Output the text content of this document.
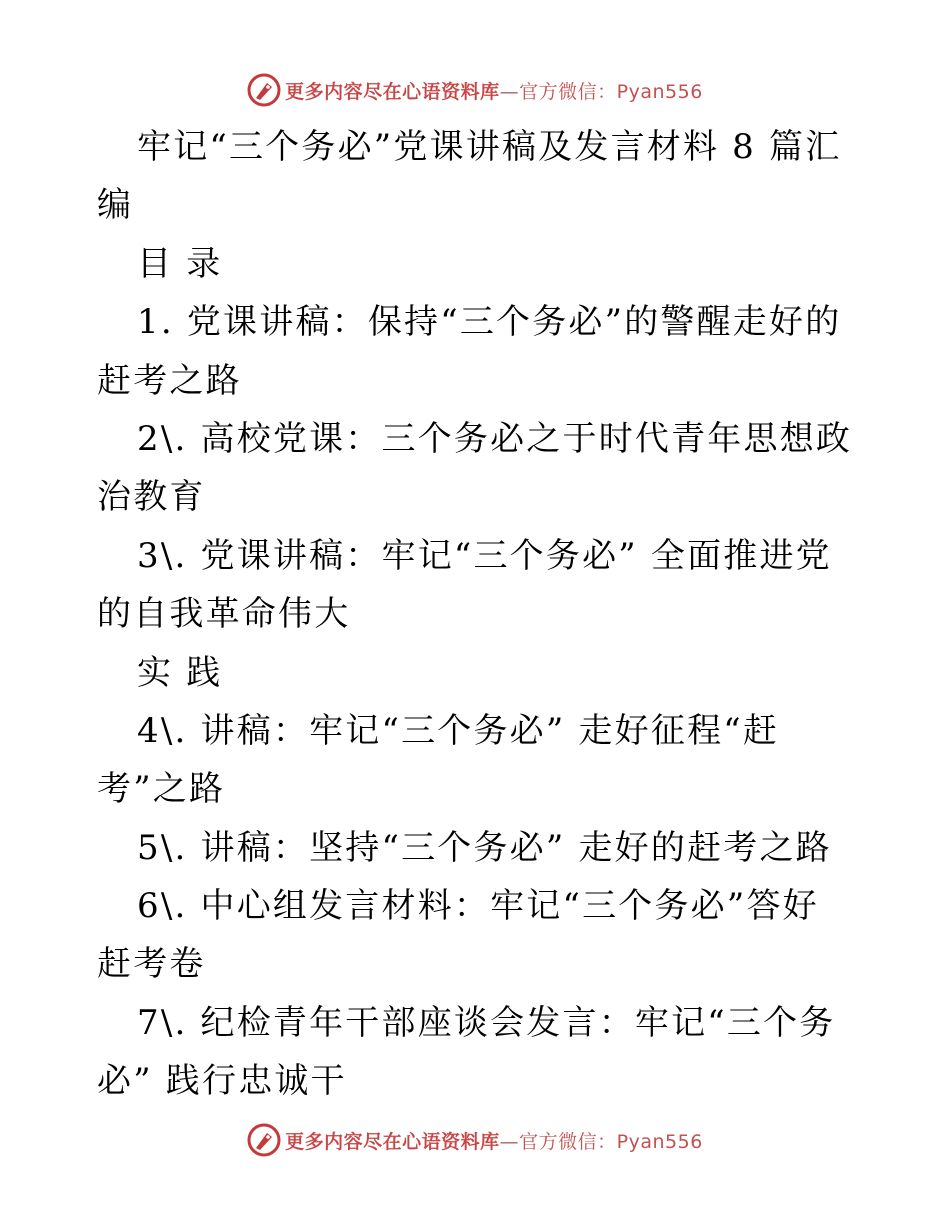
更多内容尽在心语资料库—官方微信：Pyan556
牢记“三个务必”党课讲稿及发言材料 8 篇汇
编
目 录
1. 党课讲稿：保持“三个务必”的警醒走好的
赶考之路
2\. 高校党课：三个务必之于时代青年思想政
治教育
3\. 党课讲稿：牢记“三个务必” 全面推进党
的自我革命伟大
实 践
4\. 讲稿：牢记“三个务必” 走好征程“赶
考”之路
5\. 讲稿：坚持“三个务必” 走好的赶考之路
6\. 中心组发言材料：牢记“三个务必”答好
赶考卷
7\. 纪检青年干部座谈会发言：牢记“三个务
必” 践行忠诚干
更多内容尽在心语资料库—官方微信：Pyan556
